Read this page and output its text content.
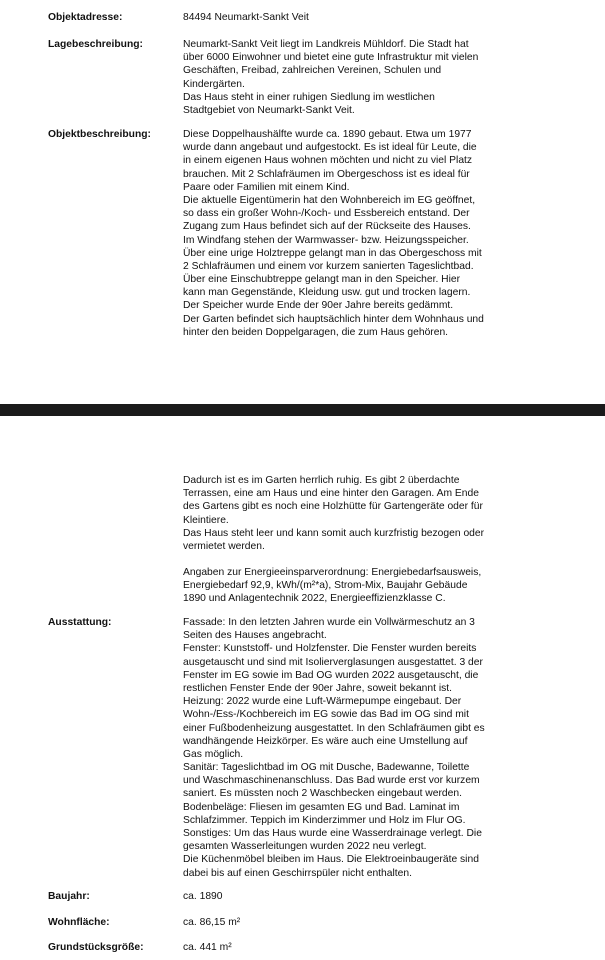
Objektadresse:	84494 Neumarkt-Sankt Veit
Lagebeschreibung:	Neumarkt-Sankt Veit liegt im Landkreis Mühldorf. Die Stadt hat
über 6000 Einwohner und bietet eine gute Infrastruktur mit vielen
Geschäften, Freibad, zahlreichen Vereinen, Schulen und
Kindergärten.
Das Haus steht in einer ruhigen Siedlung im westlichen
Stadtgebiet von Neumarkt-Sankt Veit.
Objektbeschreibung:	Diese Doppelhaushälfte wurde ca. 1890 gebaut. Etwa um 1977
wurde dann angebaut und aufgestockt. Es ist ideal für Leute, die
in einem eigenen Haus wohnen möchten und nicht zu viel Platz
brauchen. Mit 2 Schlafräumen im Obergeschoss ist es ideal für
Paare oder Familien mit einem Kind.
Die aktuelle Eigentümerin hat den Wohnbereich im EG geöffnet,
so dass ein großer Wohn-/Koch- und Essbereich entstand. Der
Zugang zum Haus befindet sich auf der Rückseite des Hauses.
Im Windfang stehen der Warmwasser- bzw. Heizungsspeicher.
Über eine urige Holztreppe gelangt man in das Obergeschoss mit
2 Schlafräumen und einem vor kurzem sanierten Tageslichtbad.
Über eine Einschubtreppe gelangt man in den Speicher. Hier
kann man Gegenstände, Kleidung usw. gut und trocken lagern.
Der Speicher wurde Ende der 90er Jahre bereits gedämmt.
Der Garten befindet sich hauptsächlich hinter dem Wohnhaus und
hinter den beiden Doppelgaragen, die zum Haus gehören.
Dadurch ist es im Garten herrlich ruhig. Es gibt 2 überdachte
Terrassen, eine am Haus und eine hinter den Garagen. Am Ende
des Gartens gibt es noch eine Holzhütte für Gartengeräte oder für
Kleintiere.
Das Haus steht leer und kann somit auch kurzfristig bezogen oder
vermietet werden.
Angaben zur Energieeinsparverordnung: Energiebedarfsausweis,
Energiebedarf 92,9, kWh/(m²*a), Strom-Mix, Baujahr Gebäude
1890 und Anlagentechnik 2022, Energieeffizienzklasse C.
Ausstattung:	Fassade: In den letzten Jahren wurde ein Vollwärmeschutz an 3
Seiten des Hauses angebracht.
Fenster: Kunststoff- und Holzfenster. Die Fenster wurden bereits
ausgetauscht und sind mit Isolierverglasungen ausgestattet. 3 der
Fenster im EG sowie im Bad OG wurden 2022 ausgetauscht, die
restlichen Fenster Ende der 90er Jahre, soweit bekannt ist.
Heizung: 2022 wurde eine Luft-Wärmepumpe eingebaut. Der
Wohn-/Ess-/Kochbereich im EG sowie das Bad im OG sind mit
einer Fußbodenheizung ausgestattet. In den Schlafräumen gibt es
wandhängende Heizkörper. Es wäre auch eine Umstellung auf
Gas möglich.
Sanitär: Tageslichtbad im OG mit Dusche, Badewanne, Toilette
und Waschmaschinenanschluss. Das Bad wurde erst vor kurzem
saniert. Es müssten noch 2 Waschbecken eingebaut werden.
Bodenbeläge: Fliesen im gesamten EG und Bad. Laminat im
Schlafzimmer. Teppich im Kinderzimmer und Holz im Flur OG.
Sonstiges: Um das Haus wurde eine Wasserdrainage verlegt. Die
gesamten Wasserleitungen wurden 2022 neu verlegt.
Die Küchenmöbel bleiben im Haus. Die Elektroeinbaugeräte sind
dabei bis auf einen Geschirrspüler nicht enthalten.
Baujahr:	ca. 1890
Wohnfläche:	ca. 86,15 m²
Grundstücksgröße:	ca. 441 m²
